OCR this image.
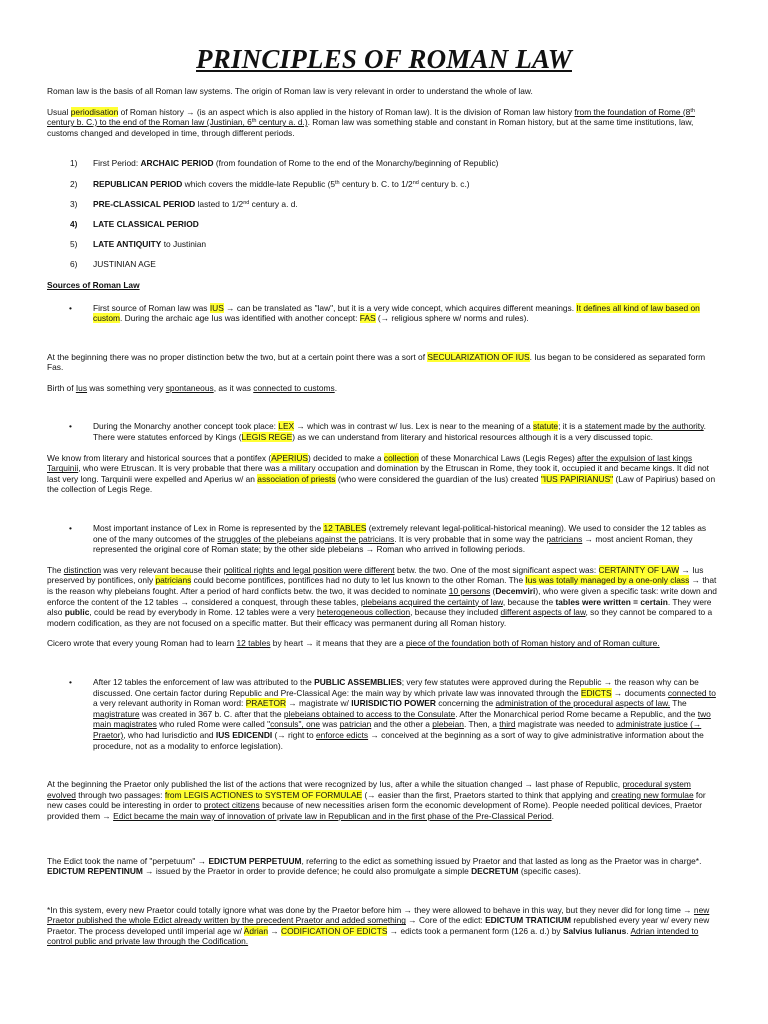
PRINCIPLES OF ROMAN LAW

Roman law is the basis of all Roman law systems. The origin of Roman law is very relevant in order to understand the whole of law.

Usual periodisation of Roman history → (is an aspect which is also applied in the history of Roman law). It is the division of Roman law history from the foundation of Rome (8th century b. C.) to the end of the Roman law (Justinian, 6th century a. d.). Roman law was something stable and constant in Roman history, but at the same time institutions, law, customs changed and developed in time, through different periods.

1) First Period: ARCHAIC PERIOD (from foundation of Rome to the end of the Monarchy/beginning of Republic)
2) REPUBLICAN PERIOD which covers the middle-late Republic (5th century b. C. to 1/2nd century b. c.)
3) PRE-CLASSICAL PERIOD lasted to 1/2nd century a. d.
4) LATE CLASSICAL PERIOD
5) LATE ANTIQUITY to Justinian
6) JUSTINIAN AGE

Sources of Roman Law

•	First source of Roman law was IUS → can be translated as "law", but it is a very wide concept, which acquires different meanings. It defines all kind of law based on custom. During the archaic age Ius was identified with another concept: FAS (→ religious sphere w/ norms and rules).

At the beginning there was no proper distinction betw the two, but at a certain point there was a sort of SECULARIZATION OF IUS. Ius began to be considered as separated form Fas.

Birth of Ius was something very spontaneous, as it was connected to customs.

•	During the Monarchy another concept took place: LEX → which was in contrast w/ Ius. Lex is near to the meaning of a statute; it is a statement made by the authority. There were statutes enforced by Kings (LEGIS REGE) as we can understand from literary and historical resources although it is a very discussed topic.

We know from literary and historical sources that a pontifex (APERIUS) decided to make a collection of these Monarchical Laws (Legis Reges) after the expulsion of last kings Tarquinii, who were Etruscan. It is very probable that there was a military occupation and domination by the Etruscan in Rome, they took it, occupied it and became kings. It did not last very long. Tarquinii were expelled and Aperius w/ an association of priests (who were considered the guardian of the Ius) created "IUS PAPIRIANUS" (Law of Papirius) based on the collection of Legis Rege.

•	Most important instance of Lex in Rome is represented by the 12 TABLES (extremely relevant legal-political-historical meaning). We used to consider the 12 tables as one of the many outcomes of the struggles of the plebeians against the patricians. It is very probable that in some way the patricians → most ancient Roman, they represented the original core of Roman state; by the other side plebeians → Roman who arrived in following periods.

The distinction was very relevant because their political rights and legal position were different betw. the two. One of the most significant aspect was: CERTAINTY OF LAW → Ius preserved by pontifices, only patricians could become pontifices, pontifices had no duty to let Ius known to the other Roman. The Ius was totally managed by a one-only class → that is the reason why plebeians fought. After a period of hard conflicts betw. the two, it was decided to nominate 10 persons (Decemviri), who were given a specific task: write down and enforce the content of the 12 tables → considered a conquest, through these tables, plebeians acquired the certainty of law, because the tables were written = certain. They were also public, could be read by everybody in Rome. 12 tables were a very heterogeneous collection, because they included different aspects of law, so they cannot be compared to a modern codification, as they are not focused on a specific matter. But their efficacy was permanent during all Roman history.

Cicero wrote that every young Roman had to learn 12 tables by heart → it means that they are a piece of the foundation both of Roman history and of Roman culture.

•	After 12 tables the enforcement of law was attributed to the PUBLIC ASSEMBLIES; very few statutes were approved during the Republic → the reason why can be discussed. One certain factor during Republic and Pre-Classical Age: the main way by which private law was innovated through the EDICTS → documents connected to a very relevant authority in Roman word: PRAETOR → magistrate w/ IURISDICTIO POWER concerning the administration of the procedural aspects of law. The magistrature was created in 367 b. C. after that the plebeians obtained to access to the Consulate. After the Monarchical period Rome became a Republic, and the two main magistrates who ruled Rome were called "consuls", one was patrician and the other a plebeian. Then, a third magistrate was needed to administrate justice (→ Praetor), who had Iurisdictio and IUS EDICENDI (→ right to enforce edicts → conceived at the beginning as a sort of way to give administrative information about the procedure, not as a modality to enforce legislation).

At the beginning the Praetor only published the list of the actions that were recognized by Ius, after a while the situation changed → last phase of Republic, procedural system evolved through two passages: from LEGIS ACTIONES to SYSTEM OF FORMULAE (→ easier than the first, Praetors started to think that applying and creating new formulae for new cases could be interesting in order to protect citizens because of new necessities arisen form the economic development of Rome). People needed political devices, Praetor provided them → Edict became the main way of innovation of private law in Republican and in the first phase of the Pre-Classical Period.

The Edict took the name of "perpetuum" → EDICTUM PERPETUUM, referring to the edict as something issued by Praetor and that lasted as long as the Praetor was in charge*. EDICTUM REPENTINUM → issued by the Praetor in order to provide defence; he could also promulgate a simple DECRETUM (specific cases).

*In this system, every new Praetor could totally ignore what was done by the Praetor before him → they were allowed to behave in this way, but they never did for long time → new Praetor published the whole Edict already written by the precedent Praetor and added something → Core of the edict: EDICTUM TRATICIUM republished every year w/ every new Praetor. The process developed until imperial age w/ Adrian → CODIFICATION OF EDICTS → edicts took a permanent form (126 a. d.) by Salvius Iulianus. Adrian intended to control public and private law through the Codification.
